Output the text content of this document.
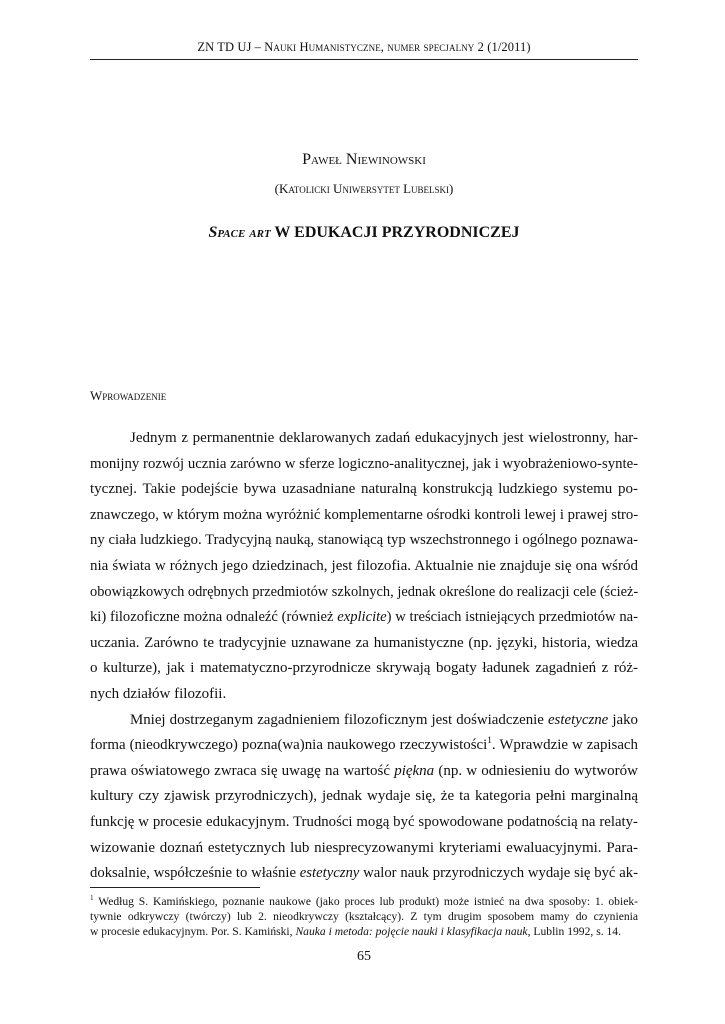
ZN TD UJ – Nauki Humanistyczne, numer specjalny 2 (1/2011)
Paweł Niewinowski
(Katolicki Uniwersytet Lubelski)
Space art W EDUKACJI PRZYRODNICZEJ
Wprowadzenie
Jednym z permanentnie deklarowanych zadań edukacyjnych jest wielostronny, har-
monijny rozwój ucznia zarówno w sferze logiczno-analitycznej, jak i wyobrażeniowo-synte-
tycznej. Takie podejście bywa uzasadniane naturalną konstrukcją ludzkiego systemu po-
znawczego, w którym można wyróżnić komplementarne ośrodki kontroli lewej i prawej stro-
ny ciała ludzkiego. Tradycyjną nauką, stanowiącą typ wszechstronnego i ogólnego poznawa-
nia świata w różnych jego dziedzinach, jest filozofia. Aktualnie nie znajduje się ona wśród
obowiązkowych odrębnych przedmiotów szkolnych, jednak określone do realizacji cele (ścież-
ki) filozoficzne można odnaleźć (również explicite) w treściach istniejących przedmiotów na-
uczania. Zarówno te tradycyjnie uznawane za humanistyczne (np. języki, historia, wiedza
o kulturze), jak i matematyczno-przyrodnicze skrywają bogaty ładunek zagadnień z róż-
nych działów filozofii.
Mniej dostrzeganym zagadnieniem filozoficznym jest doświadczenie estetyczne jako
forma (nieodkrywczego) pozna(wa)nia naukowego rzeczywistości$^1$. Wprawdzie w zapisach
prawa oświatowego zwraca się uwagę na wartość piękna (np. w odniesieniu do wytworów
kultury czy zjawisk przyrodniczych), jednak wydaje się, że ta kategoria pełni marginalną
funkcję w procesie edukacyjnym. Trudności mogą być spowodowane podatnością na relaty-
wizowanie doznań estetycznych lub niesprecyzowanymi kryteriami ewaluacyjnymi. Para-
doksalnie, współcześnie to właśnie estetyczny walor nauk przyrodniczych wydaje się być ak-
$^1$ Według S. Kamińskiego, poznanie naukowe (jako proces lub produkt) może istnieć na dwa sposoby: 1. obiek-
tywnie odkrywczy (twórczy) lub 2. nieodkrywczy (kształcący). Z tym drugim sposobem mamy do czynienia
w procesie edukacyjnym. Por. S. Kamiński, Nauka i metoda: pojęcie nauki i klasyfikacja nauk, Lublin 1992, s. 14.
65
